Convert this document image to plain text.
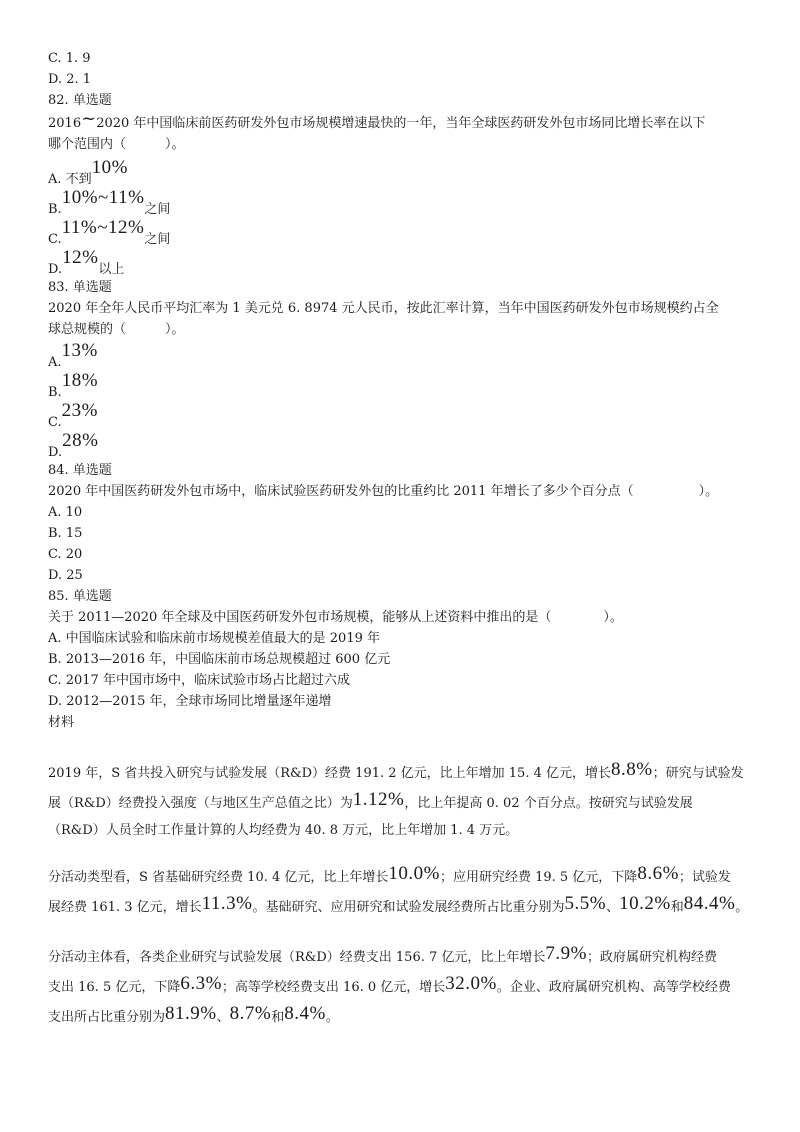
C. 1. 9
D. 2. 1
82. 单选题
2016~2020 年中国临床前医药研发外包市场规模增速最快的一年，当年全球医药研发外包市场同比增长率在以下
哪个范围内（　　　）。
$_{A. 不到}$10%
$_{B.}10\%\sim 11\%_{之间}$
$_{C.}11\%\sim 12\%_{之间}$
$_{D.}12\%_{以上}$
83. 单选题
2020 年全年人民币平均汇率为 1 美元兑 6. 8974 元人民币，按此汇率计算，当年中国医药研发外包市场规模约占全
球总规模的（　　　）。
$_{A.}$13%
$_{B.}$18%
$_{C.}$23%
$_{D.}$28%
84. 单选题
2020 年中国医药研发外包市场中，临床试验医药研发外包的比重约比 2011 年增长了多少个百分点（　　　　　）。
A. 10
B. 15
C. 20
D. 25
85. 单选题
关于 2011—2020 年全球及中国医药研发外包市场规模，能够从上述资料中推出的是（　　　　）。
A. 中国临床试验和临床前市场规模差值最大的是 2019 年
B. 2013—2016 年，中国临床前市场总规模超过 600 亿元
C. 2017 年中国市场中，临床试验市场占比超过六成
D. 2012—2015 年，全球市场同比增量逐年递增
材料

2019 年，S 省共投入研究与试验发展（R&D）经费 191. 2 亿元，比上年增加 15. 4 亿元，增长8.8%；研究与试验发

展（R&D）经费投入强度（与地区生产总值之比）为1.12%，比上年提高 0. 02 个百分点。按研究与试验发展

（R&D）人员全时工作量计算的人均经费为 40. 8 万元，比上年增加 1. 4 万元。

分活动类型看，S 省基础研究经费 10. 4 亿元，比上年增长10.0%；应用研究经费 19. 5 亿元，下降8.6%；试验发

展经费 161. 3 亿元，增长11.3%。基础研究、应用研究和试验发展经费所占比重分别为5.5%、10.2%和84.4%。

分活动主体看，各类企业研究与试验发展（R&D）经费支出 156. 7 亿元，比上年增长7.9%；政府属研究机构经费

支出 16. 5 亿元，下降6.3%；高等学校经费支出 16. 0 亿元，增长32.0%。企业、政府属研究机构、高等学校经费

支出所占比重分别为81.9%、8.7%和8.4%。
